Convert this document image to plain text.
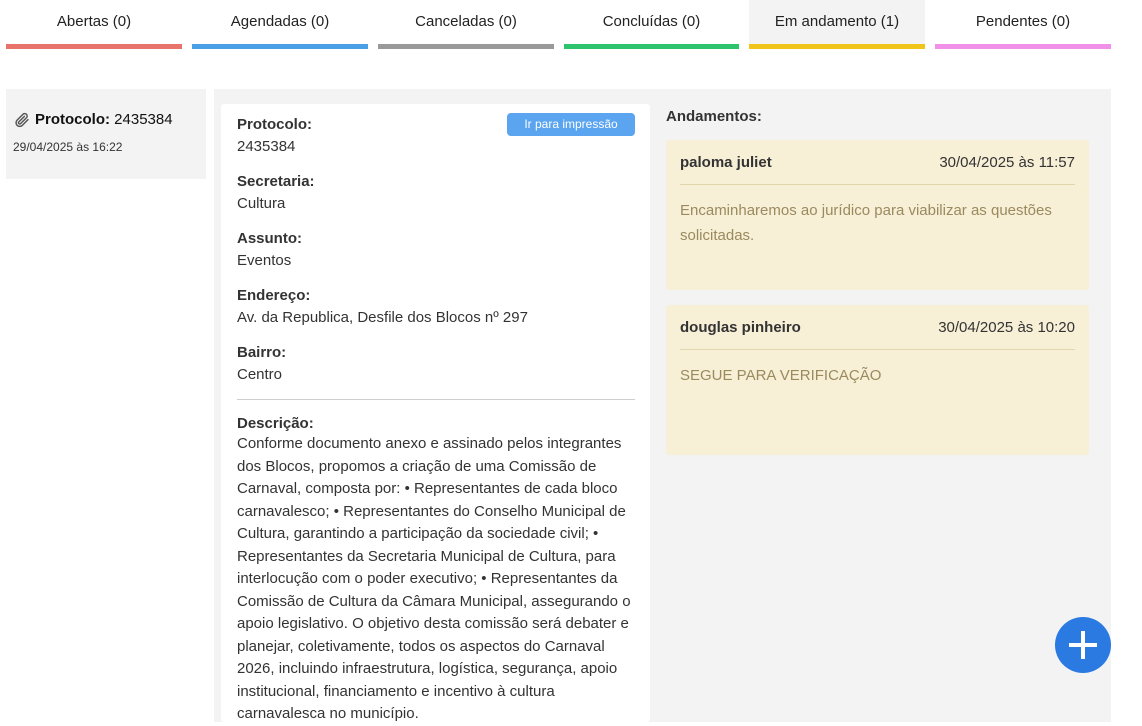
Abertas (0)	Agendadas (0)	Canceladas (0)	Concluídas (0)	Em andamento (1)	Pendentes (0)
Protocolo: 2435384
29/04/2025 às 16:22
Ir para impressão
Protocolo:
2435384
Secretaria:
Cultura
Assunto:
Eventos
Endereço:
Av. da Republica, Desfile dos Blocos nº 297
Bairro:
Centro
Descrição:
Conforme documento anexo e assinado pelos integrantes dos Blocos, propomos a criação de uma Comissão de Carnaval, composta por: • Representantes de cada bloco carnavalesco; • Representantes do Conselho Municipal de Cultura, garantindo a participação da sociedade civil; • Representantes da Secretaria Municipal de Cultura, para interlocução com o poder executivo; • Representantes da Comissão de Cultura da Câmara Municipal, assegurando o apoio legislativo. O objetivo desta comissão será debater e planejar, coletivamente, todos os aspectos do Carnaval 2026, incluindo infraestrutura, logística, segurança, apoio institucional, financiamento e incentivo à cultura carnavalesca no município.
Andamentos:
paloma juliet	30/04/2025 às 11:57
Encaminharemos ao jurídico para viabilizar as questões solicitadas.
douglas pinheiro	30/04/2025 às 10:20
SEGUE PARA VERIFICAÇÃO
